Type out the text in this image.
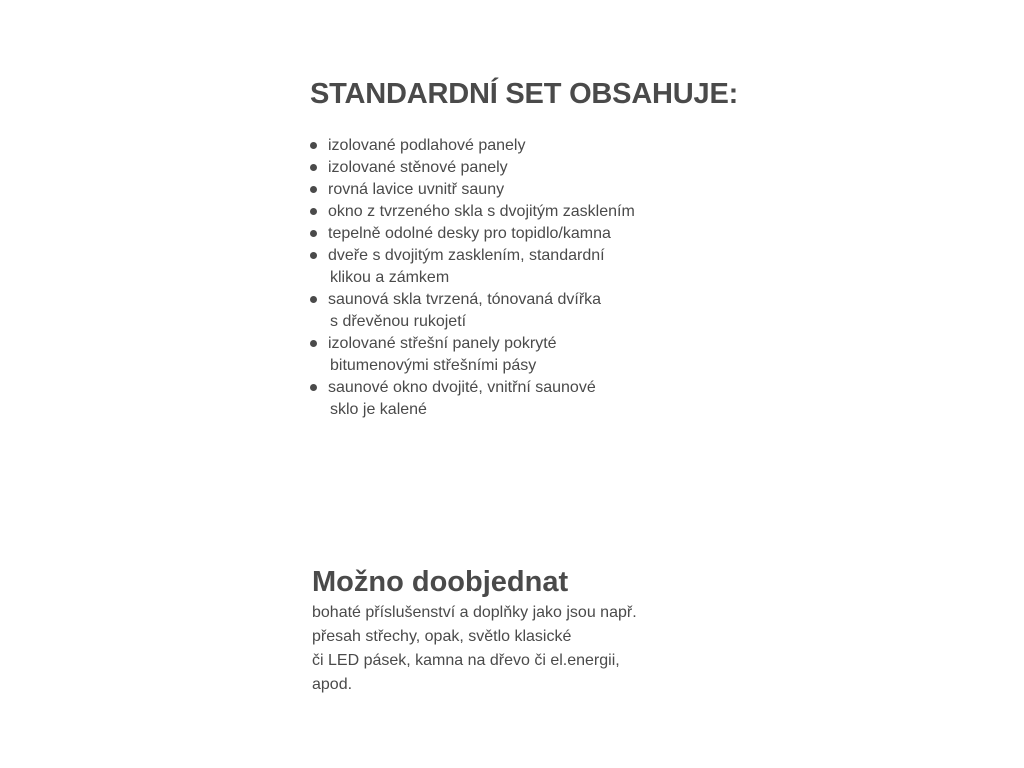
STANDARDNÍ SET OBSAHUJE:
izolované podlahové panely
izolované stěnové panely
rovná lavice uvnitř sauny
okno z tvrzeného skla s dvojitým zasklením
tepelně odolné desky pro topidlo/kamna
dveře s dvojitým zasklením, standardní
klikou a zámkem
saunová skla tvrzená, tónovaná dvířka
s dřevěnou rukojetí
izolované střešní panely pokryté
bitumenovými střešními pásy
saunové okno dvojité, vnitřní saunové
sklo je kalené
Možno doobjednat

bohaté příslušenství a doplňky jako jsou např.
přesah střechy, opak, světlo klasické
či LED pásek, kamna na dřevo či el.energii,
apod.
